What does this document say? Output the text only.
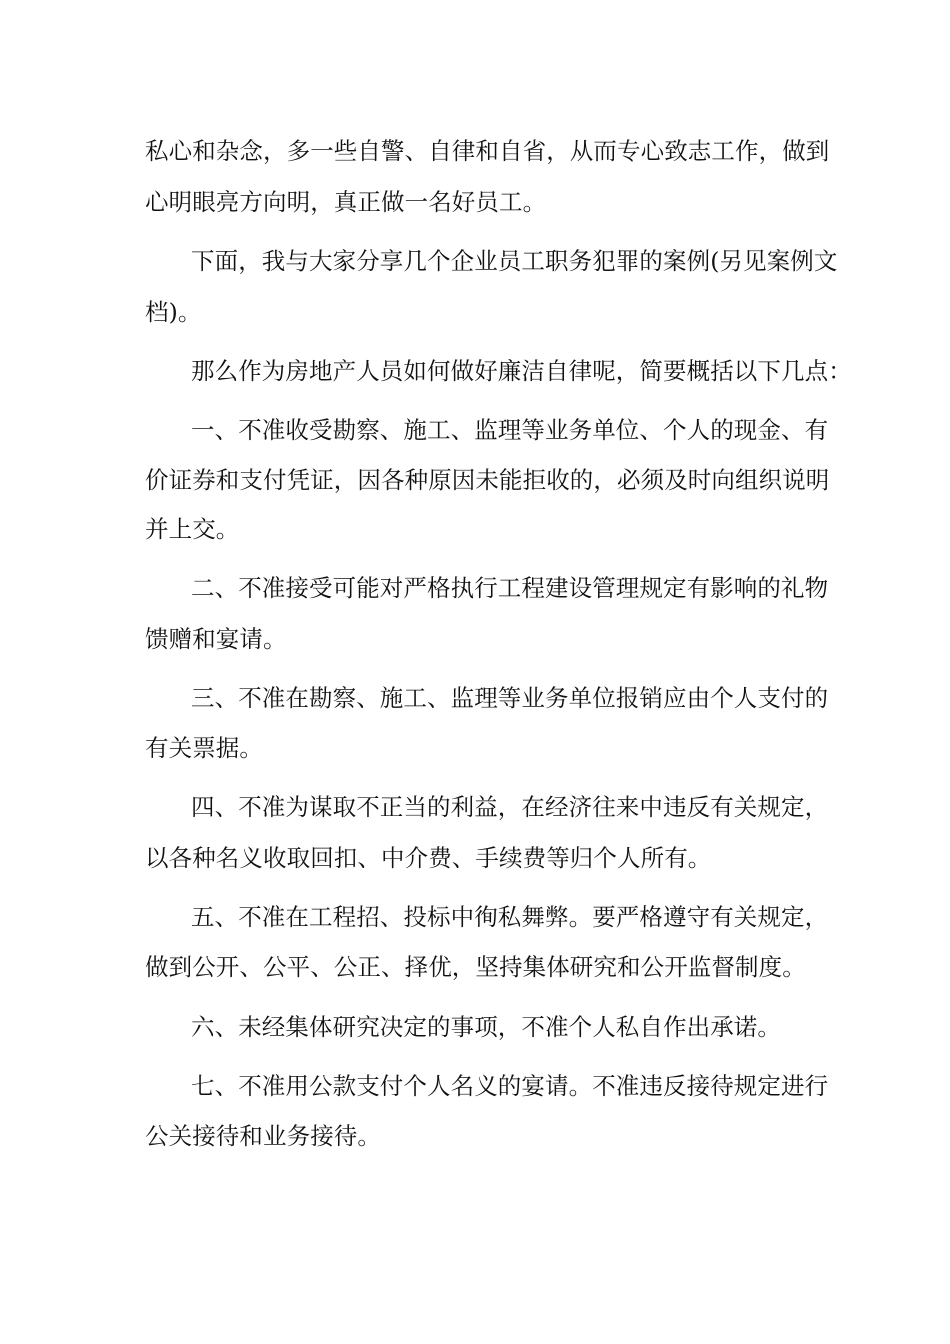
私心和杂念，多一些自警、自律和自省，从而专心致志工作，做到
心明眼亮方向明，真正做一名好员工。
下面，我与大家分享几个企业员工职务犯罪的案例(另见案例文
档)。
那么作为房地产人员如何做好廉洁自律呢，简要概括以下几点：
一、不准收受勘察、施工、监理等业务单位、个人的现金、有
价证券和支付凭证，因各种原因未能拒收的，必须及时向组织说明
并上交。
二、不准接受可能对严格执行工程建设管理规定有影响的礼物
馈赠和宴请。
三、不准在勘察、施工、监理等业务单位报销应由个人支付的
有关票据。
四、不准为谋取不正当的利益，在经济往来中违反有关规定，
以各种名义收取回扣、中介费、手续费等归个人所有。
五、不准在工程招、投标中徇私舞弊。要严格遵守有关规定，
做到公开、公平、公正、择优，坚持集体研究和公开监督制度。
六、未经集体研究决定的事项，不准个人私自作出承诺。
七、不准用公款支付个人名义的宴请。不准违反接待规定进行
公关接待和业务接待。
